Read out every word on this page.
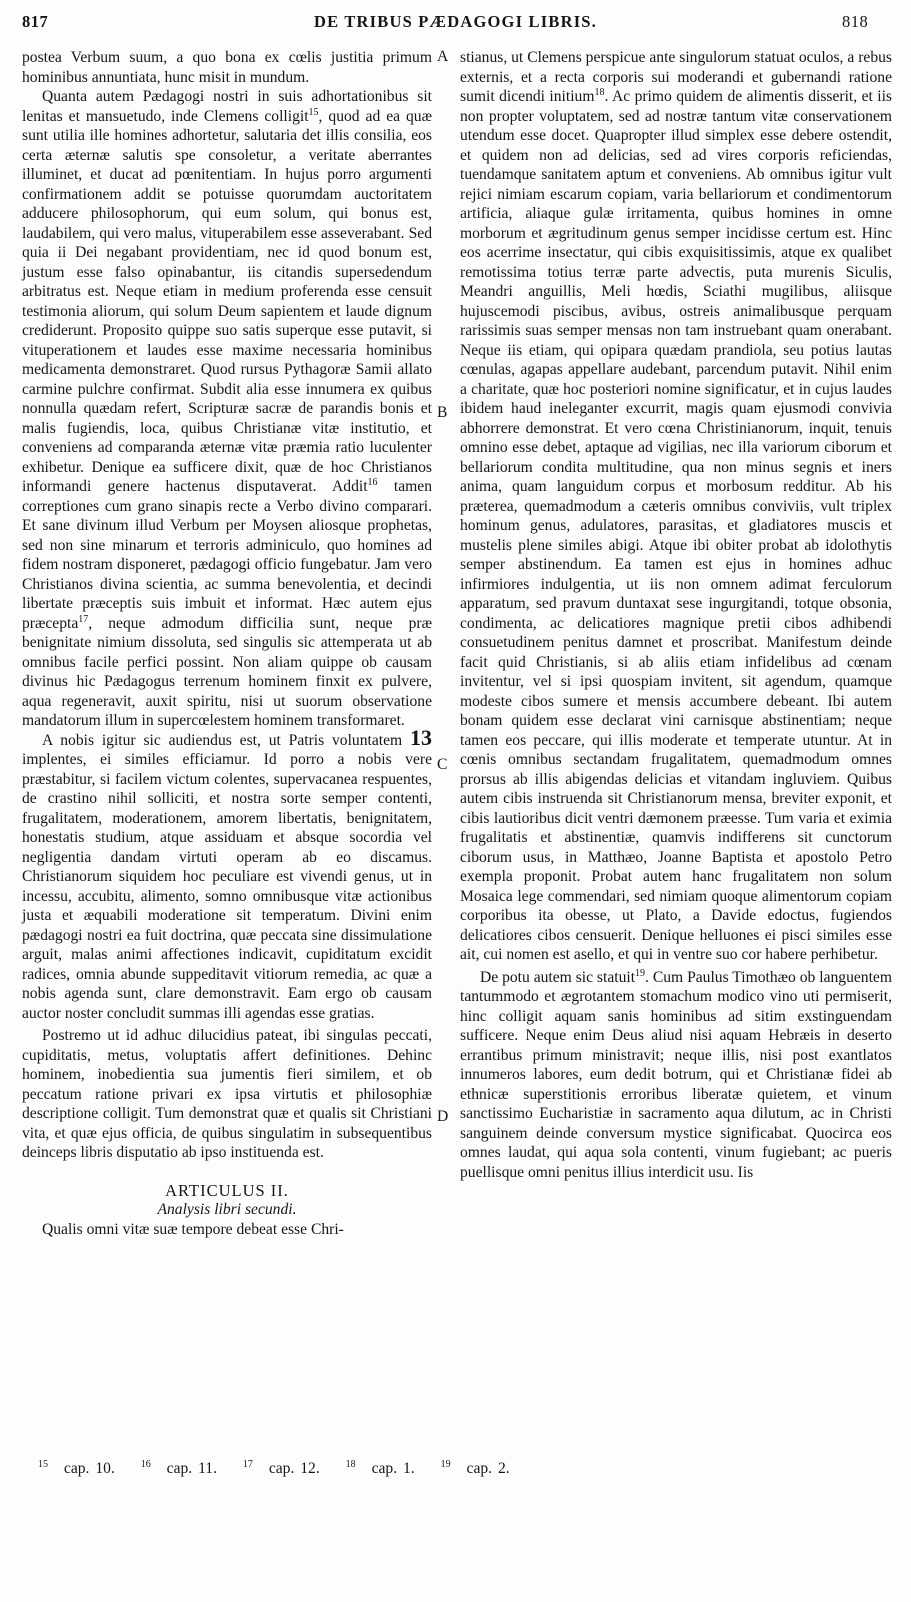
817	DE TRIBUS PÆDAGOGI LIBRIS.	818

postea Verbum suum, a quo bona ex cœlis justitia primum hominibus annuntiata, hunc misit in mundum.

Quanta autem Pædagogi nostri in suis adhortationibus sit lenitas et mansuetudo, inde Clemens colligit$^{15}$, quod ad ea quæ sunt utilia ille homines adhortetur, salutaria det illis consilia, eos certa æternæ salutis spe consoletur, a veritate aberrantes illuminet, et ducat ad pœnitentiam. In hujus porro argumenti confirmationem addit se potuisse quorumdam auctoritatem adducere philosophorum, qui eum solum, qui bonus est, laudabilem, qui vero malus, vituperabilem esse asseverabant. Sed quia ii Dei negabant providentiam, nec id quod bonum est, justum esse falso opinabantur, iis citandis supersedendum arbitratus est. Neque etiam in medium proferenda esse censuit testimonia aliorum, qui solum Deum sapientem et laude dignum crediderunt. Proposito quippe suo satis superque esse putavit, si vituperationem et laudes esse maxime necessaria hominibus medicamenta demonstraret. Quod rursus Pythagoræ Samii allato carmine pulchre confirmat. Subdit alia esse innumera ex quibus nonnulla quædam refert, Scripturæ sacræ de parandis bonis et malis fugiendis, loca, quibus Christianæ vitæ institutio, et conveniens ad comparanda æternæ vitæ præmia ratio luculenter exhibetur. Denique ea sufficere dixit, quæ de hoc Christianos informandi genere hactenus disputaverat. Addit$^{16}$ tamen correptiones cum grano sinapis recte a Verbo divino comparari. Et sane divinum illud Verbum per Moysen aliosque prophetas, sed non sine minarum et terroris adminiculo, quo homines ad fidem nostram disponeret, pædagogi officio fungebatur. Jam vero Christianos divina scientia, ac summa benevolentia, et decindi libertate præceptis suis imbuit et informat. Hæc autem ejus præcepta$^{17}$, neque admodum difficilia sunt, neque præ benignitate nimium dissoluta, sed singulis sic attemperata ut ab omnibus facile perfici possint. Non aliam quippe ob causam divinus hic Pædagogus terrenum hominem finxit ex pulvere, aqua regeneravit, auxit spiritu, nisi ut suorum observatione mandatorum illum in supercœlestem hominem transformaret.

A nobis igitur sic audiendus est, ut Patris voluntatem 13 implentes, ei similes efficiamur. Id porro a nobis vere præstabitur, si facilem victum colentes, supervacanea respuentes, de crastino nihil solliciti, et nostra sorte semper contenti, frugalitatem, moderationem, amorem libertatis, benignitatem, honestatis studium, atque assiduam et absque socordia vel negligentia dandam virtuti operam ab eo discamus. Christianorum siquidem hoc peculiare est vivendi genus, ut in incessu, accubitu, alimento, somno omnibusque vitæ actionibus justa et æquabili moderatione sit temperatum. Divini enim pædagogi nostri ea fuit doctrina, quæ peccata sine dissimulatione arguit, malas animi affectiones indicavit, cupiditatum excidit radices, omnia abunde suppeditavit vitiorum remedia, ac quæ a nobis agenda sunt, clare demonstravit. Eam ergo ob causam auctor noster concludit summas illi agendas esse gratias.

Postremo ut id adhuc dilucidius pateat, ibi singulas peccati, cupiditatis, metus, voluptatis affert definitiones. Dehinc hominem, inobedientia sua jumentis fieri similem, et ob peccatum ratione privari ex ipsa virtutis et philosophiæ descriptione colligit. Tum demonstrat quæ et qualis sit Christiani vita, et quæ ejus officia, de quibus singulatim in subsequentibus deinceps libris disputatio ab ipso instituenda est.

ARTICULUS II.

Analysis libri secundi.

Qualis omni vitæ suæ tempore debeat esse Chri-

A
B
C
D

stianus, ut Clemens perspicue ante singulorum statuat oculos, a rebus externis, et a recta corporis sui moderandi et gubernandi ratione sumit dicendi initium$^{18}$. Ac primo quidem de alimentis disserit, et iis non propter voluptatem, sed ad nostræ tantum vitæ conservationem utendum esse docet. Quapropter illud simplex esse debere ostendit, et quidem non ad delicias, sed ad vires corporis reficiendas, tuendamque sanitatem aptum et conveniens. Ab omnibus igitur vult rejici nimiam escarum copiam, varia bellariorum et condimentorum artificia, aliaque gulæ irritamenta, quibus homines in omne morborum et ægritudinum genus semper incidisse certum est. Hinc eos acerrime insectatur, qui cibis exquisitissimis, atque ex qualibet remotissima totius terræ parte advectis, puta murenis Siculis, Meandri anguillis, Meli hœdis, Sciathi mugilibus, aliisque hujuscemodi piscibus, avibus, ostreis animalibusque perquam rarissimis suas semper mensas non tam instruebant quam onerabant. Neque iis etiam, qui opipara quædam prandiola, seu potius lautas cœnulas, agapas appellare audebant, parcendum putavit. Nihil enim a charitate, quæ hoc posteriori nomine significatur, et in cujus laudes ibidem haud ineleganter excurrit, magis quam ejusmodi convivia abhorrere demonstrat. Et vero cœna Christinianorum, inquit, tenuis omnino esse debet, aptaque ad vigilias, nec illa variorum ciborum et bellariorum condita multitudine, qua non minus segnis et iners anima, quam languidum corpus et morbosum redditur. Ab his præterea, quemadmodum a cæteris omnibus conviviis, vult triplex hominum genus, adulatores, parasitas, et gladiatores muscis et mustelis plene similes abigi. Atque ibi obiter probat ab idolothytis semper abstinendum. Ea tamen est ejus in homines adhuc infirmiores indulgentia, ut iis non omnem adimat ferculorum apparatum, sed pravum duntaxat sese ingurgitandi, totque obsonia, condimenta, ac delicatiores magnique pretii cibos adhibendi consuetudinem penitus damnet et proscribat. Manifestum deinde facit quid Christianis, si ab aliis etiam infidelibus ad cœnam invitentur, vel si ipsi quospiam invitent, sit agendum, quamque modeste cibos sumere et mensis accumbere debeant. Ibi autem bonam quidem esse declarat vini carnisque abstinentiam; neque tamen eos peccare, qui illis moderate et temperate utuntur. At in cœnis omnibus sectandam frugalitatem, quemadmodum omnes prorsus ab illis abigendas delicias et vitandam ingluviem. Quibus autem cibis instruenda sit Christianorum mensa, breviter exponit, et cibis lautioribus dicit ventri dæmonem præesse. Tum varia et eximia frugalitatis et abstinentiæ, quamvis indifferens sit cunctorum ciborum usus, in Matthæo, Joanne Baptista et apostolo Petro exempla proponit. Probat autem hanc frugalitatem non solum Mosaica lege commendari, sed nimiam quoque alimentorum copiam corporibus ita obesse, ut Plato, a Davide edoctus, fugiendos delicatiores cibos censuerit. Denique helluones ei pisci similes esse ait, cui nomen est asello, et qui in ventre suo cor habere perhibetur.

De potu autem sic statuit$^{19}$. Cum Paulus Timothæo ob languentem tantummodo et ægrotantem stomachum modico vino uti permiserit, hinc colligit aquam sanis hominibus ad sitim exstinguendam sufficere. Neque enim Deus aliud nisi aquam Hebræis in deserto errantibus primum ministravit; neque illis, nisi post exantlatos innumeros labores, eum dedit botrum, qui et Christianæ fidei ab ethnicæ superstitionis erroribus liberatæ quietem, et vinum sanctissimo Eucharistiæ in sacramento aqua dilutum, ac in Christi sanguinem deinde conversum mystice significabat. Quocirca eos omnes laudat, qui aqua sola contenti, vinum fugiebant; ac pueris puellisque omni penitus illius interdicit usu. Iis

$^{15}$ cap. 10.	$^{16}$ cap. 11.	$^{17}$ cap. 12.	$^{18}$ cap. 1.	$^{19}$ cap. 2.
